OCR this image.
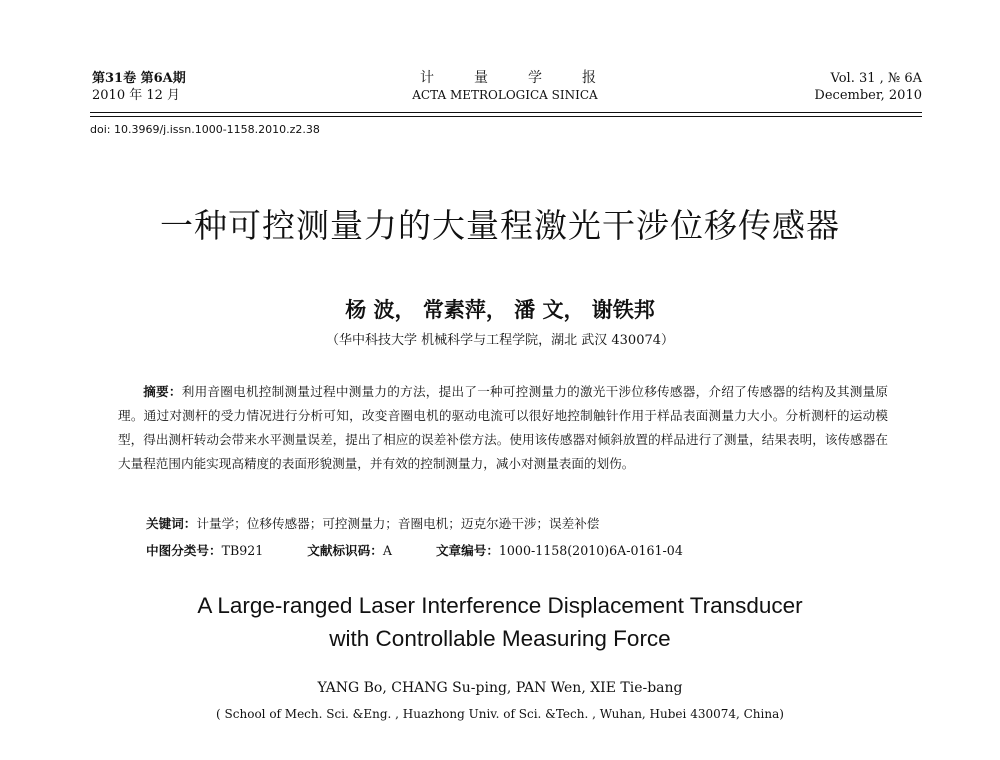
第31卷 第6A期
2010 年 12 月
计量学报
ACTA METROLOGICA SINICA
Vol. 31 , № 6A
December, 2010
doi: 10.3969/j.issn.1000-1158.2010.z2.38
一种可控测量力的大量程激光干涉位移传感器
杨 波， 常素萍， 潘 文， 谢铁邦
（华中科技大学 机械科学与工程学院，湖北 武汉 430074）
摘要：利用音圈电机控制测量过程中测量力的方法，提出了一种可控测量力的激光干涉位移传感器，介绍了传感器的结构及其测量原理。通过对测杆的受力情况进行分析可知，改变音圈电机的驱动电流可以很好地控制触针作用于样品表面测量力大小。分析测杆的运动模型，得出测杆转动会带来水平测量误差，提出了相应的误差补偿方法。使用该传感器对倾斜放置的样品进行了测量，结果表明，该传感器在大量程范围内能实现高精度的表面形貌测量，并有效的控制测量力，减小对测量表面的划伤。
关键词：计量学；位移传感器；可控测量力；音圈电机；迈克尔逊干涉；误差补偿
中图分类号：TB921	文献标识码：A	文章编号：1000-1158(2010)6A-0161-04
A Large-ranged Laser Interference Displacement Transducer
with Controllable Measuring Force
YANG Bo, CHANG Su-ping, PAN Wen, XIE Tie-bang
( School of Mech. Sci. &Eng. , Huazhong Univ. of Sci. &Tech. , Wuhan, Hubei 430074, China)
